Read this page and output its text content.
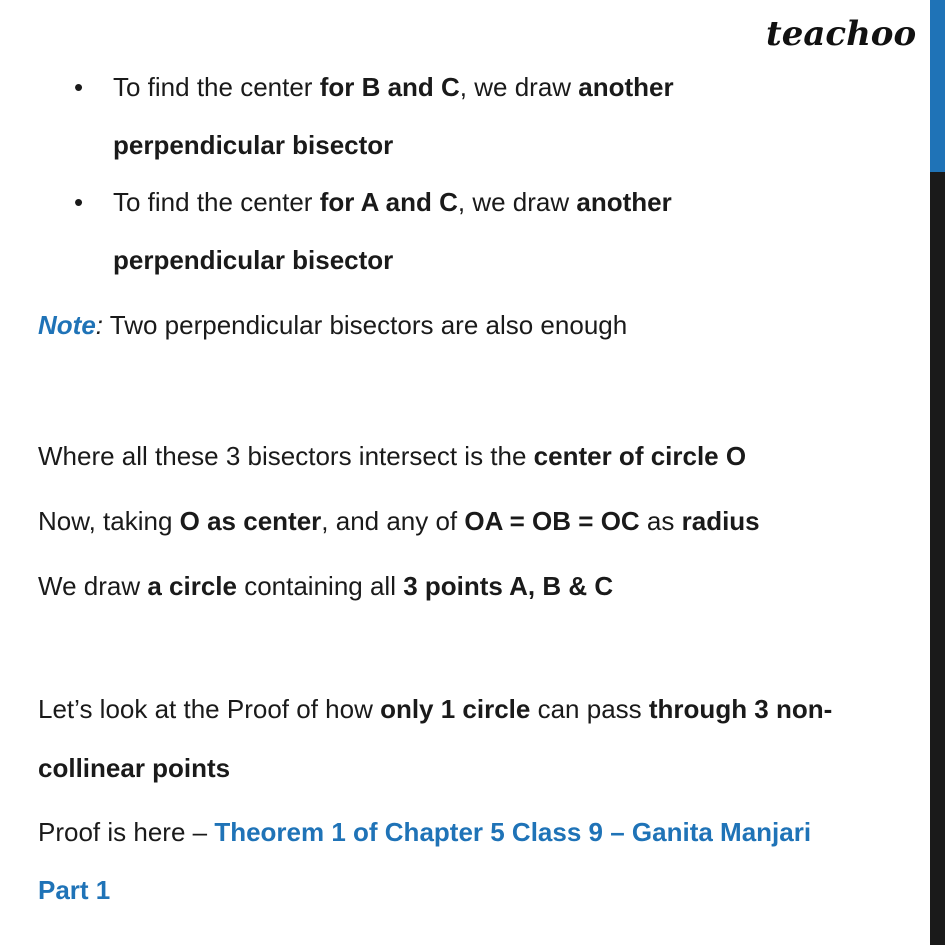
teachoo
• To find the center for B and C, we draw another
perpendicular bisector
• To find the center for A and C, we draw another
perpendicular bisector
Note: Two perpendicular bisectors are also enough
Where all these 3 bisectors intersect is the center of circle O
Now, taking O as center, and any of OA = OB = OC as radius
We draw a circle containing all 3 points A, B & C
Let’s look at the Proof of how only 1 circle can pass through 3 non-
collinear points
Proof is here – Theorem 1 of Chapter 5 Class 9 – Ganita Manjari
Part 1
